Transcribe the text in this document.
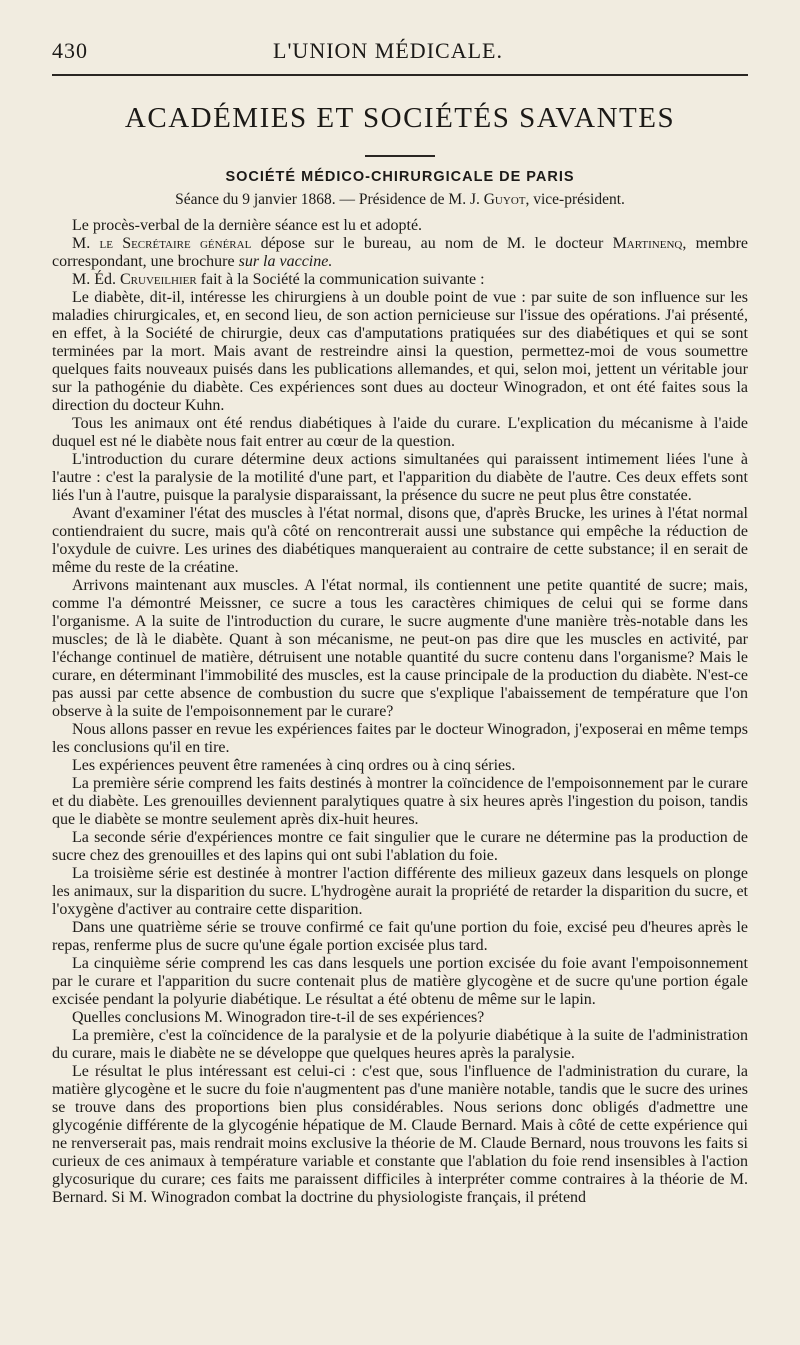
430	L'UNION MÉDICALE.
ACADÉMIES ET SOCIÉTÉS SAVANTES
SOCIÉTÉ MÉDICO-CHIRURGICALE DE PARIS
Séance du 9 janvier 1868. — Présidence de M. J. Guyot, vice-président.

Le procès-verbal de la dernière séance est lu et adopté.

M. le Secrétaire général dépose sur le bureau, au nom de M. le docteur Martinenq, membre correspondant, une brochure sur la vaccine.

M. Éd. Cruveilhier fait à la Société la communication suivante :

Le diabète, dit-il, intéresse les chirurgiens à un double point de vue : par suite de son influence sur les maladies chirurgicales, et, en second lieu, de son action pernicieuse sur l'issue des opérations. J'ai présenté, en effet, à la Société de chirurgie, deux cas d'amputations pratiquées sur des diabétiques et qui se sont terminées par la mort. Mais avant de restreindre ainsi la question, permettez-moi de vous soumettre quelques faits nouveaux puisés dans les publications allemandes, et qui, selon moi, jettent un véritable jour sur la pathogénie du diabète. Ces expériences sont dues au docteur Winogradon, et ont été faites sous la direction du docteur Kuhn.

Tous les animaux ont été rendus diabétiques à l'aide du curare. L'explication du mécanisme à l'aide duquel est né le diabète nous fait entrer au cœur de la question.

L'introduction du curare détermine deux actions simultanées qui paraissent intimement liées l'une à l'autre : c'est la paralysie de la motilité d'une part, et l'apparition du diabète de l'autre. Ces deux effets sont liés l'un à l'autre, puisque la paralysie disparaissant, la présence du sucre ne peut plus être constatée.

Avant d'examiner l'état des muscles à l'état normal, disons que, d'après Brucke, les urines à l'état normal contiendraient du sucre, mais qu'à côté on rencontrerait aussi une substance qui empêche la réduction de l'oxydule de cuivre. Les urines des diabétiques manqueraient au contraire de cette substance; il en serait de même du reste de la créatine.

Arrivons maintenant aux muscles. A l'état normal, ils contiennent une petite quantité de sucre; mais, comme l'a démontré Meissner, ce sucre a tous les caractères chimiques de celui qui se forme dans l'organisme. A la suite de l'introduction du curare, le sucre augmente d'une manière très-notable dans les muscles; de là le diabète. Quant à son mécanisme, ne peut-on pas dire que les muscles en activité, par l'échange continuel de matière, détruisent une notable quantité du sucre contenu dans l'organisme? Mais le curare, en déterminant l'immobilité des muscles, est la cause principale de la production du diabète. N'est-ce pas aussi par cette absence de combustion du sucre que s'explique l'abaissement de température que l'on observe à la suite de l'empoisonnement par le curare?

Nous allons passer en revue les expériences faites par le docteur Winogradon, j'exposerai en même temps les conclusions qu'il en tire.

Les expériences peuvent être ramenées à cinq ordres ou à cinq séries.

La première série comprend les faits destinés à montrer la coïncidence de l'empoisonnement par le curare et du diabète. Les grenouilles deviennent paralytiques quatre à six heures après l'ingestion du poison, tandis que le diabète se montre seulement après dix-huit heures.

La seconde série d'expériences montre ce fait singulier que le curare ne détermine pas la production de sucre chez des grenouilles et des lapins qui ont subi l'ablation du foie.

La troisième série est destinée à montrer l'action différente des milieux gazeux dans lesquels on plonge les animaux, sur la disparition du sucre. L'hydrogène aurait la propriété de retarder la disparition du sucre, et l'oxygène d'activer au contraire cette disparition.

Dans une quatrième série se trouve confirmé ce fait qu'une portion du foie, excisé peu d'heures après le repas, renferme plus de sucre qu'une égale portion excisée plus tard.

La cinquième série comprend les cas dans lesquels une portion excisée du foie avant l'empoisonnement par le curare et l'apparition du sucre contenait plus de matière glycogène et de sucre qu'une portion égale excisée pendant la polyurie diabétique. Le résultat a été obtenu de même sur le lapin.

Quelles conclusions M. Winogradon tire-t-il de ses expériences?

La première, c'est la coïncidence de la paralysie et de la polyurie diabétique à la suite de l'administration du curare, mais le diabète ne se développe que quelques heures après la paralysie.

Le résultat le plus intéressant est celui-ci : c'est que, sous l'influence de l'administration du curare, la matière glycogène et le sucre du foie n'augmentent pas d'une manière notable, tandis que le sucre des urines se trouve dans des proportions bien plus considérables. Nous serions donc obligés d'admettre une glycogénie différente de la glycogénie hépatique de M. Claude Bernard. Mais à côté de cette expérience qui ne renverserait pas, mais rendrait moins exclusive la théorie de M. Claude Bernard, nous trouvons les faits si curieux de ces animaux à température variable et constante que l'ablation du foie rend insensibles à l'action glycosurique du curare; ces faits me paraissent difficiles à interpréter comme contraires à la théorie de M. Bernard. Si M. Winogradon combat la doctrine du physiologiste français, il prétend
